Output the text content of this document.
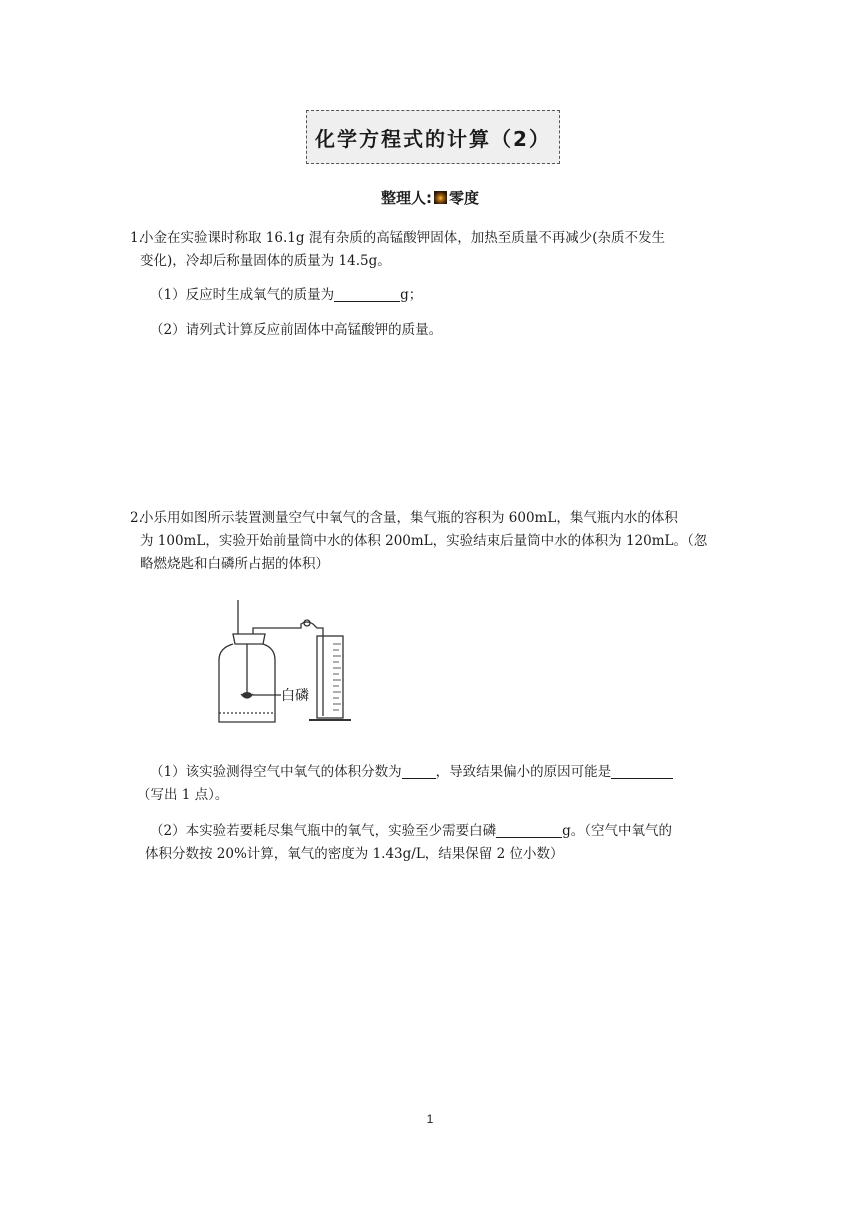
化学方程式的计算（2）
整理人: 零度
1.
小金在实验课时称取 16.1g 混有杂质的高锰酸钾固体，加热至质量不再减少(杂质不发生
变化)，冷却后称量固体的质量为 14.5g。
（1）反应时生成氧气的质量为	g；
（2）请列式计算反应前固体中高锰酸钾的质量。
2.
小乐用如图所示装置测量空气中氧气的含量，集气瓶的容积为 600mL，集气瓶内水的体积
为 100mL，实验开始前量筒中水的体积 200mL，实验结束后量筒中水的体积为 120mL。（忽
略燃烧匙和白磷所占据的体积）
白磷
（1）该实验测得空气中氧气的体积分数为	，导致结果偏小的原因可能是
（写出 1 点）。
（2）本实验若要耗尽集气瓶中的氧气，实验至少需要白磷	g。（空气中氧气的
体积分数按 20%计算，氧气的密度为 1.43g/L，结果保留 2 位小数）
1
